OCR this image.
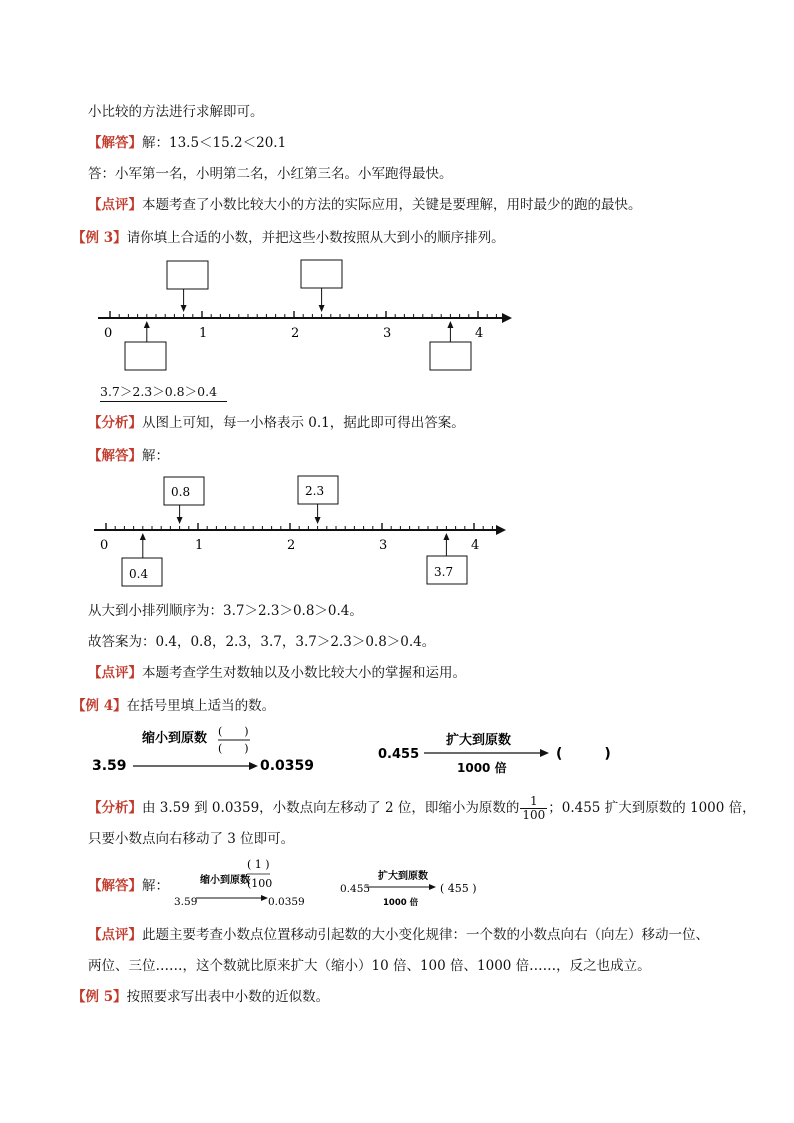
小比较的方法进行求解即可。
【解答】解：13.5＜15.2＜20.1
答：小军第一名，小明第二名，小红第三名。小军跑得最快。
【点评】本题考查了小数比较大小的方法的实际应用，关键是要理解，用时最少的跑的最快。
【例 3】请你填上合适的小数，并把这些小数按照从大到小的顺序排列。
0	1	2	3	4
3.7＞2.3＞0.8＞0.4
【分析】从图上可知，每一小格表示 0.1，据此即可得出答案。
【解答】解：
0	1	2	3	4
0.8	2.3
0.4	3.7
从大到小排列顺序为：3.7＞2.3＞0.8＞0.4。
故答案为：0.4，0.8，2.3，3.7，3.7＞2.3＞0.8＞0.4。
【点评】本题考查学生对数轴以及小数比较大小的掌握和运用。
【例 4】在括号里填上适当的数。
缩小到原数 (　　)
(　　)
3.59	0.0359
0.455
扩大到原数
1000 倍
(　　　)
【分析】由 3.59 到 0.0359，小数点向左移动了 2 位，即缩小为原数的 $\frac{1}{100}$ ；0.455 扩大到原数的 1000 倍，
只要小数点向右移动了 3 位即可。
【解答】解：	缩小到原数
( 1 )
(100
3.59	0.0359
0.455
扩大到原数
1000 倍
( 455 )
【点评】此题主要考查小数点位置移动引起数的大小变化规律：一个数的小数点向右（向左）移动一位、
两位、三位……，这个数就比原来扩大（缩小）10 倍、100 倍、1000 倍……，反之也成立。
【例 5】按照要求写出表中小数的近似数。
